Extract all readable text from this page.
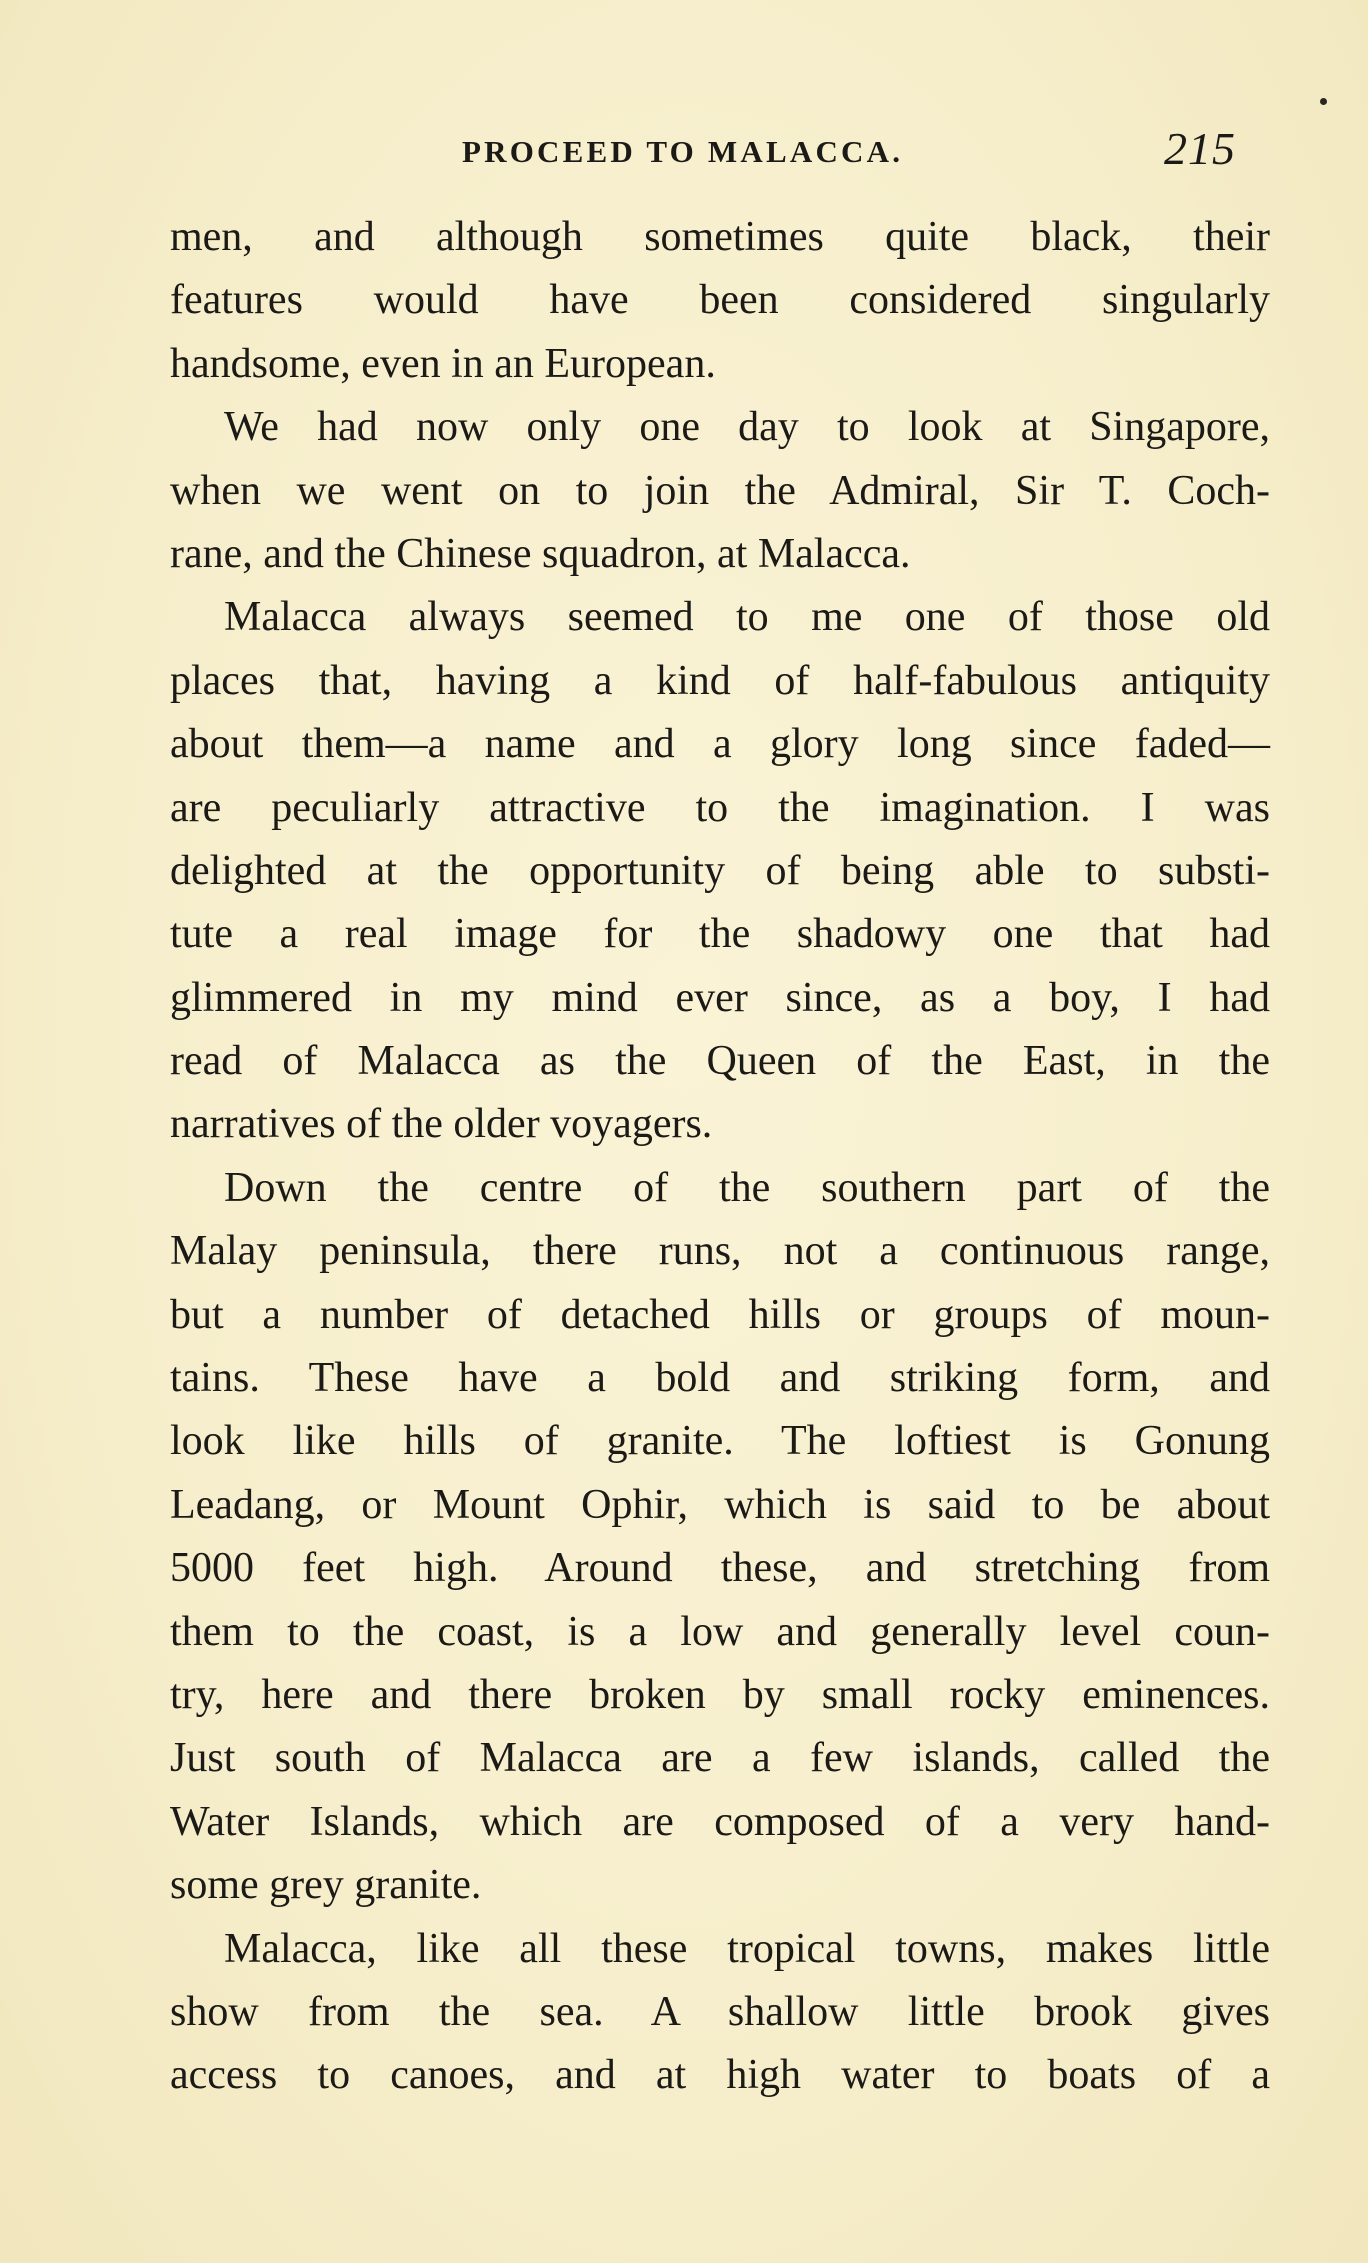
PROCEED TO MALACCA.	215
men, and although sometimes quite black, their
features would have been considered singularly
handsome, even in an European.
We had now only one day to look at Singapore,
when we went on to join the Admiral, Sir T. Coch-
rane, and the Chinese squadron, at Malacca.
Malacca always seemed to me one of those old
places that, having a kind of half-fabulous antiquity
about them—a name and a glory long since faded—
are peculiarly attractive to the imagination. I was
delighted at the opportunity of being able to substi-
tute a real image for the shadowy one that had
glimmered in my mind ever since, as a boy, I had
read of Malacca as the Queen of the East, in the
narratives of the older voyagers.
Down the centre of the southern part of the
Malay peninsula, there runs, not a continuous range,
but a number of detached hills or groups of moun-
tains. These have a bold and striking form, and
look like hills of granite. The loftiest is Gonung
Leadang, or Mount Ophir, which is said to be about
5000 feet high. Around these, and stretching from
them to the coast, is a low and generally level coun-
try, here and there broken by small rocky eminences.
Just south of Malacca are a few islands, called the
Water Islands, which are composed of a very hand-
some grey granite.
Malacca, like all these tropical towns, makes little
show from the sea. A shallow little brook gives
access to canoes, and at high water to boats of a
